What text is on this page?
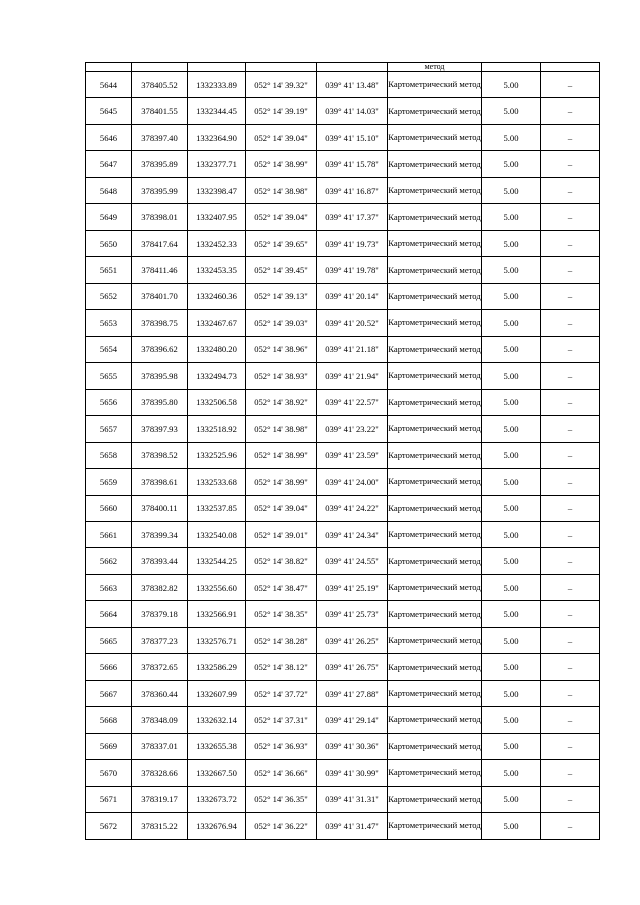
					метод		
5644	378405.52	1332333.89	052° 14' 39.32"	039° 41' 13.48"	Картометрический метод	5.00	–
5645	378401.55	1332344.45	052° 14' 39.19"	039° 41' 14.03"	Картометрический метод	5.00	–
5646	378397.40	1332364.90	052° 14' 39.04"	039° 41' 15.10"	Картометрический метод	5.00	–
5647	378395.89	1332377.71	052° 14' 38.99"	039° 41' 15.78"	Картометрический метод	5.00	–
5648	378395.99	1332398.47	052° 14' 38.98"	039° 41' 16.87"	Картометрический метод	5.00	–
5649	378398.01	1332407.95	052° 14' 39.04"	039° 41' 17.37"	Картометрический метод	5.00	–
5650	378417.64	1332452.33	052° 14' 39.65"	039° 41' 19.73"	Картометрический метод	5.00	–
5651	378411.46	1332453.35	052° 14' 39.45"	039° 41' 19.78"	Картометрический метод	5.00	–
5652	378401.70	1332460.36	052° 14' 39.13"	039° 41' 20.14"	Картометрический метод	5.00	–
5653	378398.75	1332467.67	052° 14' 39.03"	039° 41' 20.52"	Картометрический метод	5.00	–
5654	378396.62	1332480.20	052° 14' 38.96"	039° 41' 21.18"	Картометрический метод	5.00	–
5655	378395.98	1332494.73	052° 14' 38.93"	039° 41' 21.94"	Картометрический метод	5.00	–
5656	378395.80	1332506.58	052° 14' 38.92"	039° 41' 22.57"	Картометрический метод	5.00	–
5657	378397.93	1332518.92	052° 14' 38.98"	039° 41' 23.22"	Картометрический метод	5.00	–
5658	378398.52	1332525.96	052° 14' 38.99"	039° 41' 23.59"	Картометрический метод	5.00	–
5659	378398.61	1332533.68	052° 14' 38.99"	039° 41' 24.00"	Картометрический метод	5.00	–
5660	378400.11	1332537.85	052° 14' 39.04"	039° 41' 24.22"	Картометрический метод	5.00	–
5661	378399.34	1332540.08	052° 14' 39.01"	039° 41' 24.34"	Картометрический метод	5.00	–
5662	378393.44	1332544.25	052° 14' 38.82"	039° 41' 24.55"	Картометрический метод	5.00	–
5663	378382.82	1332556.60	052° 14' 38.47"	039° 41' 25.19"	Картометрический метод	5.00	–
5664	378379.18	1332566.91	052° 14' 38.35"	039° 41' 25.73"	Картометрический метод	5.00	–
5665	378377.23	1332576.71	052° 14' 38.28"	039° 41' 26.25"	Картометрический метод	5.00	–
5666	378372.65	1332586.29	052° 14' 38.12"	039° 41' 26.75"	Картометрический метод	5.00	–
5667	378360.44	1332607.99	052° 14' 37.72"	039° 41' 27.88"	Картометрический метод	5.00	–
5668	378348.09	1332632.14	052° 14' 37.31"	039° 41' 29.14"	Картометрический метод	5.00	–
5669	378337.01	1332655.38	052° 14' 36.93"	039° 41' 30.36"	Картометрический метод	5.00	–
5670	378328.66	1332667.50	052° 14' 36.66"	039° 41' 30.99"	Картометрический метод	5.00	–
5671	378319.17	1332673.72	052° 14' 36.35"	039° 41' 31.31"	Картометрический метод	5.00	–
5672	378315.22	1332676.94	052° 14' 36.22"	039° 41' 31.47"	Картометрический метод	5.00	–
